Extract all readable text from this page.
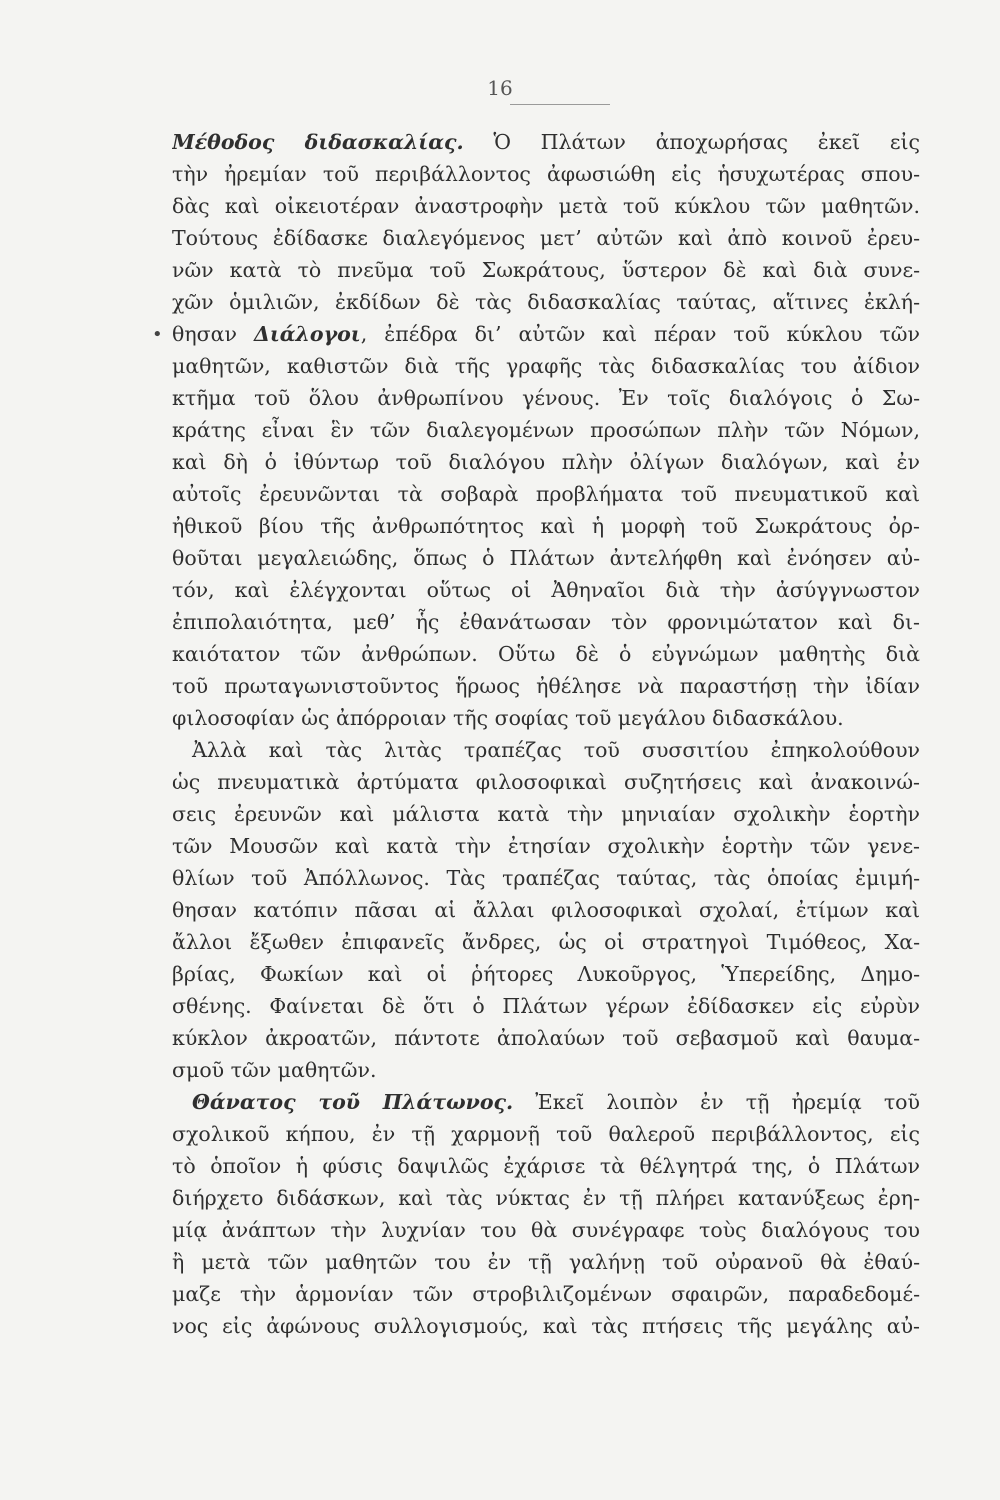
16
•
Μέθοδος διδασκαλίας. Ὁ Πλάτων ἀποχωρήσας ἐκεῖ εἰς
τὴν ἠρεμίαν τοῦ περιβάλλοντος ἀφωσιώθη εἰς ἡσυχωτέρας σπου-
δὰς καὶ οἰκειοτέραν ἀναστροφὴν μετὰ τοῦ κύκλου τῶν μαθητῶν.
Τούτους ἐδίδασκε διαλεγόμενος μετ’ αὐτῶν καὶ ἀπὸ κοινοῦ ἐρευ-
νῶν κατὰ τὸ πνεῦμα τοῦ Σωκράτους, ὕστερον δὲ καὶ διὰ συνε-
χῶν ὁμιλιῶν, ἐκδίδων δὲ τὰς διδασκαλίας ταύτας, αἵτινες ἐκλή-
θησαν Διάλογοι, ἐπέδρα δι’ αὐτῶν καὶ πέραν τοῦ κύκλου τῶν
μαθητῶν, καθιστῶν διὰ τῆς γραφῆς τὰς διδασκαλίας του ἀίδιον
κτῆμα τοῦ ὅλου ἀνθρωπίνου γένους. Ἐν τοῖς διαλόγοις ὁ Σω-
κράτης εἶναι ἓν τῶν διαλεγομένων προσώπων πλὴν τῶν Νόμων,
καὶ δὴ ὁ ἰθύντωρ τοῦ διαλόγου πλὴν ὀλίγων διαλόγων, καὶ ἐν
αὐτοῖς ἐρευνῶνται τὰ σοβαρὰ προβλήματα τοῦ πνευματικοῦ καὶ
ἠθικοῦ βίου τῆς ἀνθρωπότητος καὶ ἡ μορφὴ τοῦ Σωκράτους ὀρ-
θοῦται μεγαλειώδης, ὅπως ὁ Πλάτων ἀντελήφθη καὶ ἐνόησεν αὐ-
τόν, καὶ ἐλέγχονται οὕτως οἱ Ἀθηναῖοι διὰ τὴν ἀσύγγνωστον
ἐπιπολαιότητα, μεθ’ ἧς ἐθανάτωσαν τὸν φρονιμώτατον καὶ δι-
καιότατον τῶν ἀνθρώπων. Οὕτω δὲ ὁ εὐγνώμων μαθητὴς διὰ
τοῦ πρωταγωνιστοῦντος ἥρωος ἠθέλησε νὰ παραστήσῃ τὴν ἰδίαν
φιλοσοφίαν ὡς ἀπόρροιαν τῆς σοφίας τοῦ μεγάλου διδασκάλου.
Ἀλλὰ καὶ τὰς λιτὰς τραπέζας τοῦ συσσιτίου ἐπηκολούθουν
ὡς πνευματικὰ ἀρτύματα φιλοσοφικαὶ συζητήσεις καὶ ἀνακοινώ-
σεις ἐρευνῶν καὶ μάλιστα κατὰ τὴν μηνιαίαν σχολικὴν ἑορτὴν
τῶν Μουσῶν καὶ κατὰ τὴν ἐτησίαν σχολικὴν ἑορτὴν τῶν γενε-
θλίων τοῦ Ἀπόλλωνος. Τὰς τραπέζας ταύτας, τὰς ὁποίας ἐμιμή-
θησαν κατόπιν πᾶσαι αἱ ἄλλαι φιλοσοφικαὶ σχολαί, ἐτίμων καὶ
ἄλλοι ἔξωθεν ἐπιφανεῖς ἄνδρες, ὡς οἱ στρατηγοὶ Τιμόθεος, Χα-
βρίας, Φωκίων καὶ οἱ ῥήτορες Λυκοῦργος, Ὑπερείδης, Δημο-
σθένης. Φαίνεται δὲ ὅτι ὁ Πλάτων γέρων ἐδίδασκεν εἰς εὐρὺν
κύκλον ἀκροατῶν, πάντοτε ἀπολαύων τοῦ σεβασμοῦ καὶ θαυμα-
σμοῦ τῶν μαθητῶν.
Θάνατος τοῦ Πλάτωνος. Ἐκεῖ λοιπὸν ἐν τῇ ἠρεμίᾳ τοῦ
σχολικοῦ κήπου, ἐν τῇ χαρμονῇ τοῦ θαλεροῦ περιβάλλοντος, εἰς
τὸ ὁποῖον ἡ φύσις δαψιλῶς ἐχάρισε τὰ θέλγητρά της, ὁ Πλάτων
διήρχετο διδάσκων, καὶ τὰς νύκτας ἐν τῇ πλήρει κατανύξεως ἐρη-
μίᾳ ἀνάπτων τὴν λυχνίαν του θὰ συνέγραφε τοὺς διαλόγους του
ἢ μετὰ τῶν μαθητῶν του ἐν τῇ γαλήνῃ τοῦ οὐρανοῦ θὰ ἐθαύ-
μαζε τὴν ἁρμονίαν τῶν στροβιλιζομένων σφαιρῶν, παραδεδομέ-
νος εἰς ἀφώνους συλλογισμούς, καὶ τὰς πτήσεις τῆς μεγάλης αὐ-
